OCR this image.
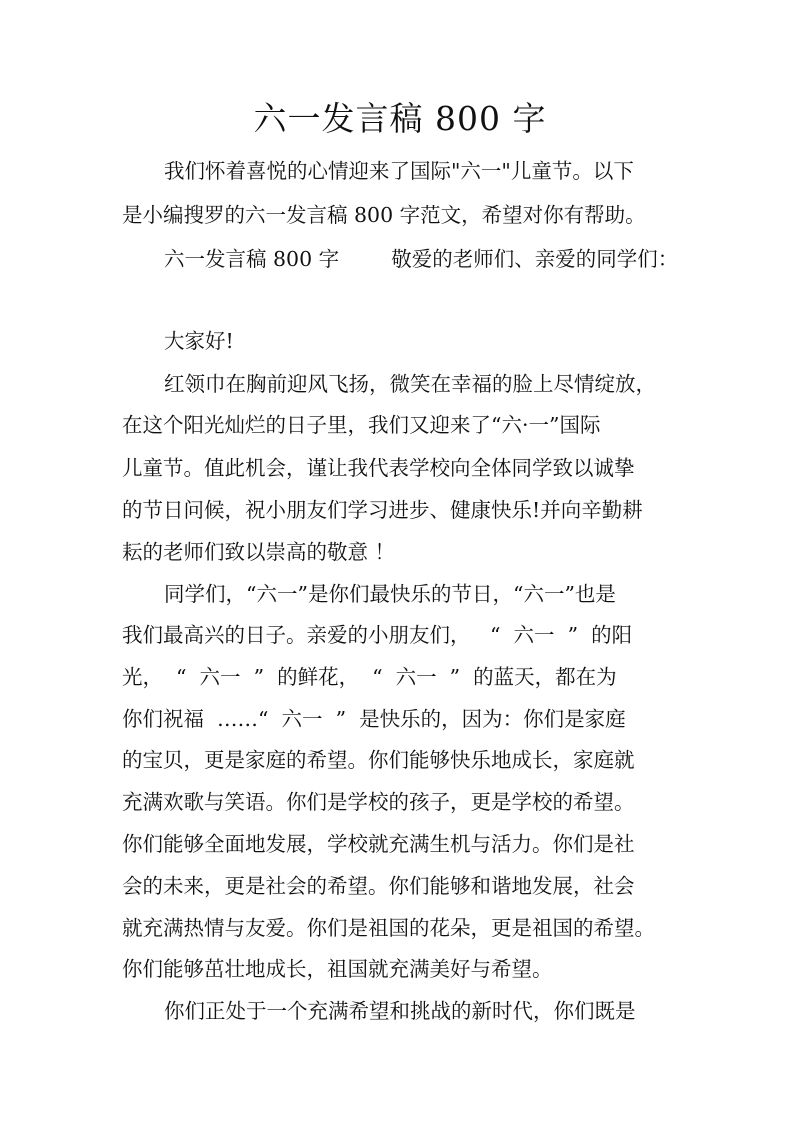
六一发言稿 800 字

我们怀着喜悦的心情迎来了国际"六一"儿童节。以下

是小编搜罗的六一发言稿 800 字范文，希望对你有帮助。

六一发言稿 800 字        敬爱的老师们、亲爱的同学们：

大家好!

红领巾在胸前迎风飞扬，微笑在幸福的脸上尽情绽放，

在这个阳光灿烂的日子里，我们又迎来了“六·一”国际

儿童节。值此机会，谨让我代表学校向全体同学致以诚挚

的节日问候，祝小朋友们学习进步、健康快乐!并向辛勤耕

耘的老师们致以崇高的敬意 ！

同学们，“六一”是你们最快乐的节日，“六一”也是

我们最高兴的日子。亲爱的小朋友们，   “  六一  ”  的阳

光，  “  六一  ”  的鲜花，  “  六一  ”  的蓝天，都在为

你们祝福  ……“  六一  ”  是快乐的，因为：你们是家庭

的宝贝，更是家庭的希望。你们能够快乐地成长，家庭就

充满欢歌与笑语。你们是学校的孩子，更是学校的希望。

你们能够全面地发展，学校就充满生机与活力。你们是社

会的未来，更是社会的希望。你们能够和谐地发展，社会

就充满热情与友爱。你们是祖国的花朵，更是祖国的希望。

你们能够茁壮地成长，祖国就充满美好与希望。

你们正处于一个充满希望和挑战的新时代，你们既是
